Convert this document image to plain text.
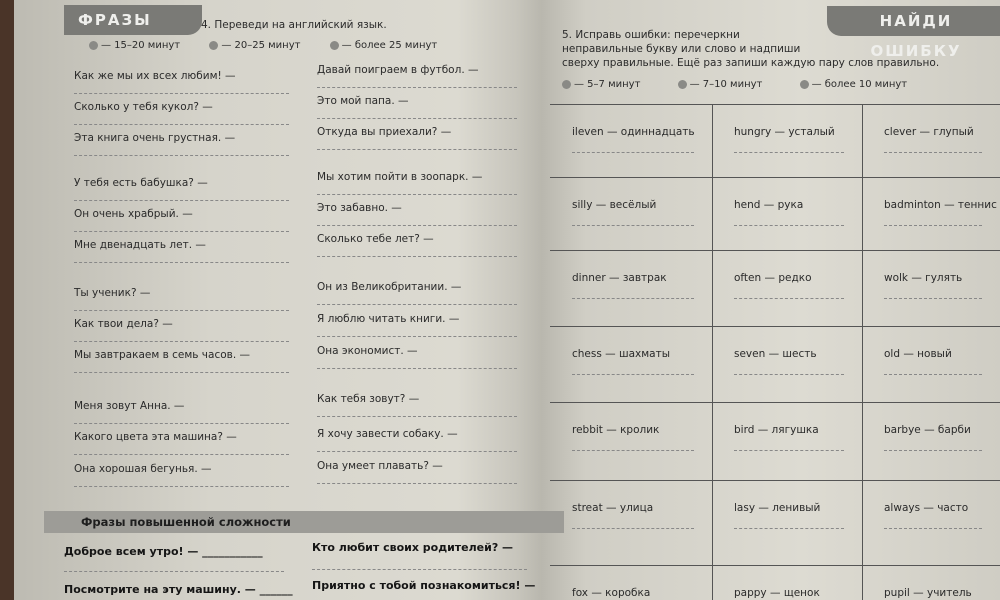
ФРАЗЫ	4. Переведи на английский язык.
— 15–20 минут	— 20–25 минут	— более 25 минут
Как же мы их всех любим! —
Сколько у тебя кукол? —
Эта книга очень грустная. —
У тебя есть бабушка? —
Он очень храбрый. —
Мне двенадцать лет. —
Ты ученик? —
Как твои дела? —
Мы завтракаем в семь часов. —
Меня зовут Анна. —
Какого цвета эта машина? —
Она хорошая бегунья. —
Давай поиграем в футбол. —
Это мой папа. —
Откуда вы приехали? —
Мы хотим пойти в зоопарк. —
Это забавно. —
Сколько тебе лет? —
Он из Великобритании. —
Я люблю читать книги. —
Она экономист. —
Как тебя зовут? —
Я хочу завести собаку. —
Она умеет плавать? —
Фразы повышенной сложности
Доброе всем утро! — ___________	Кто любит своих родителей? —
Посмотрите на эту машину. — ______ Приятно с тобой познакомиться! —
НАЙДИ ОШИБКУ
5. Исправь ошибки: перечеркни
неправильные букву или слово и надпиши
сверху правильные. Ещё раз запиши каждую пару слов правильно.
— 5–7 минут	— 7–10 минут	— более 10 минут
ileven — одиннадцать	hungry — усталый	clever — глупый
silly — весёлый	hend — рука	badminton — теннис
dinner — завтрак	often — редко	wolk — гулять
chess — шахматы	seven — шесть	old — новый
rebbit — кролик	bird — лягушка	barbye — барби
streat — улица	lasy — ленивый	always — часто
fox — коробка	pappy — щенок	pupil — учитель
